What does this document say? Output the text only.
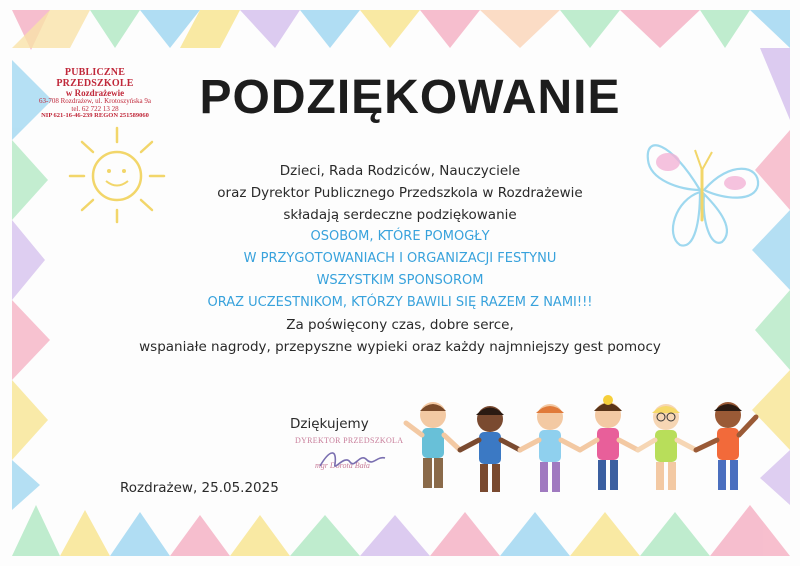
PUBLICZNE PRZEDSZKOLE
w Rozdrażewie
63-708 Rozdrażew, ul. Krotoszyńska 9a
tel. 62 722 13 28
NIP 621-16-46-239 REGON 251589060	PODZIĘKOWANIE
Dzieci, Rada Rodziców, Nauczyciele
oraz Dyrektor Publicznego Przedszkola w Rozdrażewie
składają serdeczne podziękowanie
OSOBOM, KTÓRE POMOGŁY
W PRZYGOTOWANIACH I ORGANIZACJI FESTYNU
WSZYSTKIM SPONSOROM
ORAZ UCZESTNIKOM, KTÓRZY BAWILI SIĘ RAZEM Z NAMI!!!
Za poświęcony czas, dobre serce,
wspaniałe nagrody, przepyszne wypieki oraz każdy najmniejszy gest pomocy
Dziękujemy
DYREKTOR PRZEDSZKOLA
mgr Dorota Bała
Rozdrażew, 25.05.2025
